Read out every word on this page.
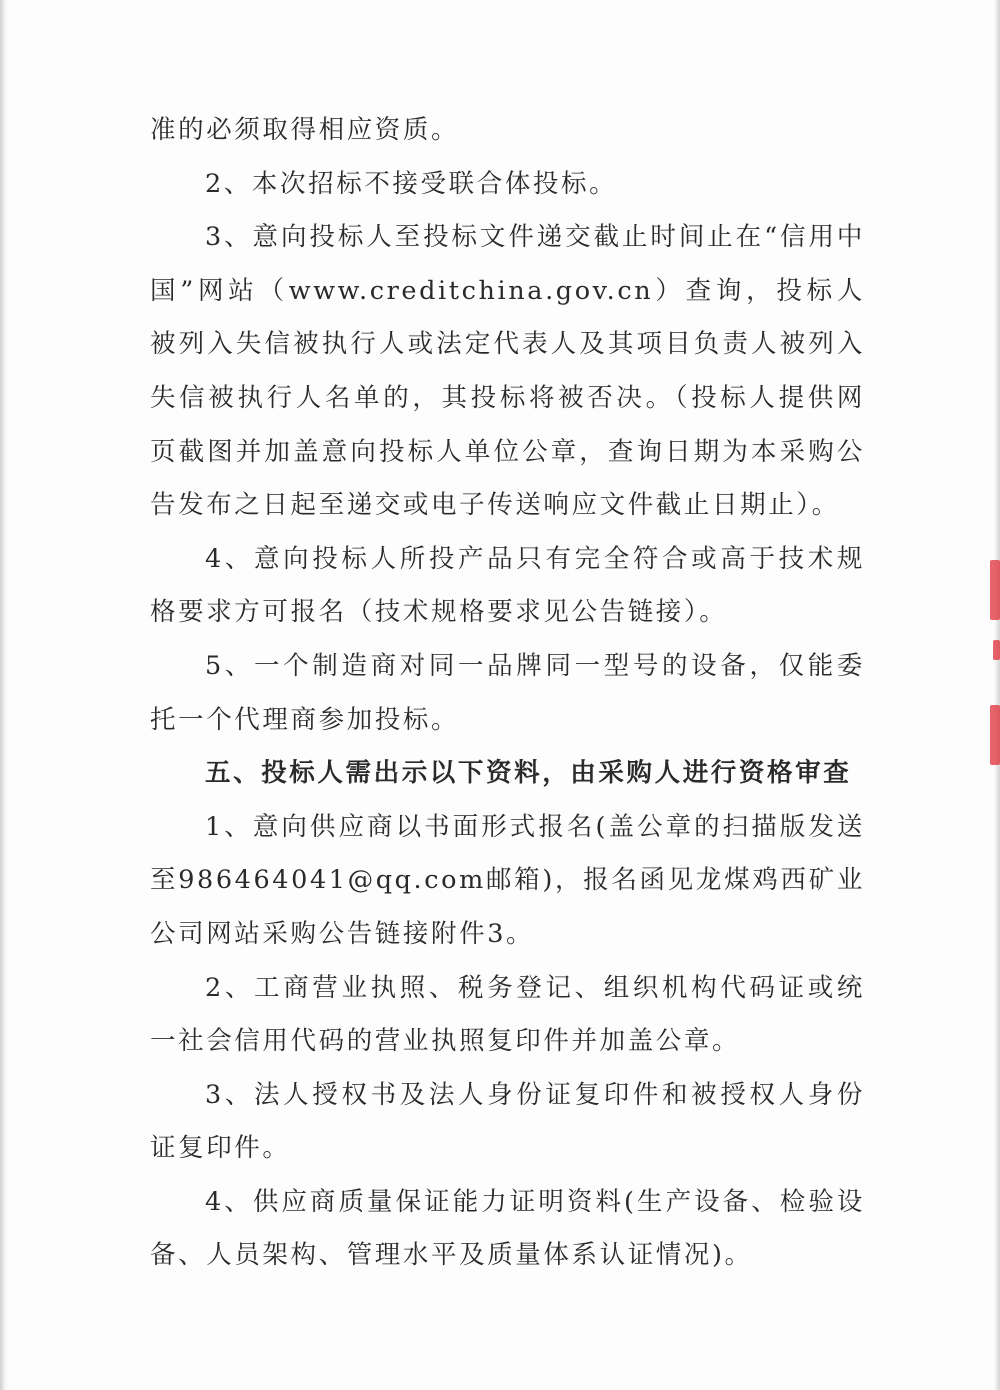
准的必须取得相应资质。

2、本次招标不接受联合体投标。

3、意向投标人至投标文件递交截止时间止在“信用中国”网站（www.creditchina.gov.cn）查询，投标人被列入失信被执行人或法定代表人及其项目负责人被列入失信被执行人名单的，其投标将被否决。（投标人提供网页截图并加盖意向投标人单位公章，查询日期为本采购公告发布之日起至递交或电子传送响应文件截止日期止）。

4、意向投标人所投产品只有完全符合或高于技术规格要求方可报名（技术规格要求见公告链接）。

5、一个制造商对同一品牌同一型号的设备，仅能委托一个代理商参加投标。

五、投标人需出示以下资料，由采购人进行资格审查

1、意向供应商以书面形式报名(盖公章的扫描版发送至986464041@qq.com邮箱)，报名函见龙煤鸡西矿业公司网站采购公告链接附件3。

2、工商营业执照、税务登记、组织机构代码证或统一社会信用代码的营业执照复印件并加盖公章。

3、法人授权书及法人身份证复印件和被授权人身份证复印件。

4、供应商质量保证能力证明资料(生产设备、检验设备、人员架构、管理水平及质量体系认证情况)。
